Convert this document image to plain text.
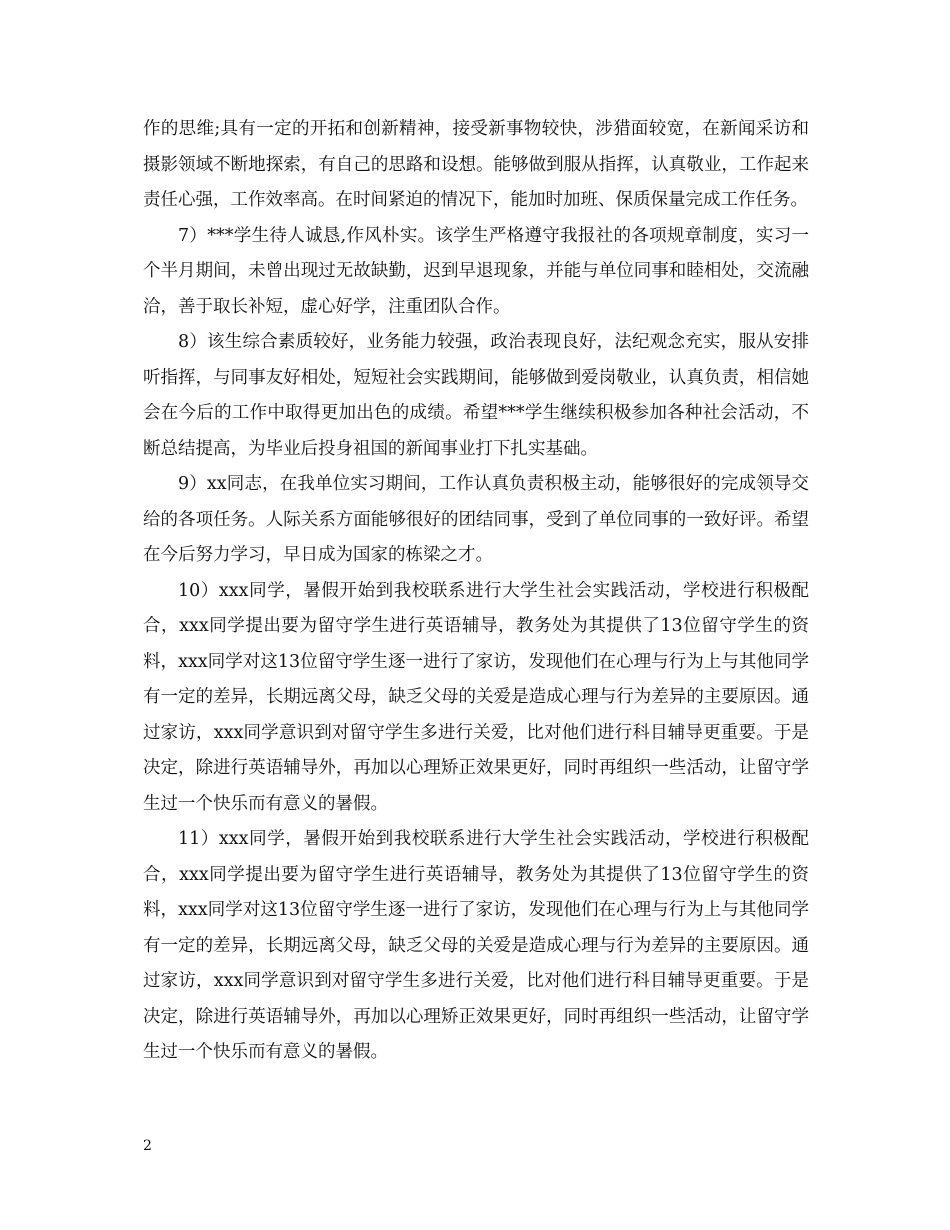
作的思维;具有一定的开拓和创新精神，接受新事物较快，涉猎面较宽，在新闻采访和摄影领域不断地探索，有自己的思路和设想。能够做到服从指挥，认真敬业，工作起来责任心强，工作效率高。在时间紧迫的情况下，能加时加班、保质保量完成工作任务。

7）***学生待人诚恳,作风朴实。该学生严格遵守我报社的各项规章制度，实习一个半月期间，未曾出现过无故缺勤，迟到早退现象，并能与单位同事和睦相处，交流融洽，善于取长补短，虚心好学，注重团队合作。

8）该生综合素质较好，业务能力较强，政治表现良好，法纪观念充实，服从安排听指挥，与同事友好相处，短短社会实践期间，能够做到爱岗敬业，认真负责，相信她会在今后的工作中取得更加出色的成绩。希望***学生继续积极参加各种社会活动，不断总结提高，为毕业后投身祖国的新闻事业打下扎实基础。

9）xx同志，在我单位实习期间，工作认真负责积极主动，能够很好的完成领导交给的各项任务。人际关系方面能够很好的团结同事，受到了单位同事的一致好评。希望在今后努力学习，早日成为国家的栋梁之才。

10）xxx同学，暑假开始到我校联系进行大学生社会实践活动，学校进行积极配合，xxx同学提出要为留守学生进行英语辅导，教务处为其提供了13位留守学生的资料，xxx同学对这13位留守学生逐一进行了家访，发现他们在心理与行为上与其他同学有一定的差异，长期远离父母，缺乏父母的关爱是造成心理与行为差异的主要原因。通过家访，xxx同学意识到对留守学生多进行关爱，比对他们进行科目辅导更重要。于是决定，除进行英语辅导外，再加以心理矫正效果更好，同时再组织一些活动，让留守学生过一个快乐而有意义的暑假。

11）xxx同学，暑假开始到我校联系进行大学生社会实践活动，学校进行积极配合，xxx同学提出要为留守学生进行英语辅导，教务处为其提供了13位留守学生的资料，xxx同学对这13位留守学生逐一进行了家访，发现他们在心理与行为上与其他同学有一定的差异，长期远离父母，缺乏父母的关爱是造成心理与行为差异的主要原因。通过家访，xxx同学意识到对留守学生多进行关爱，比对他们进行科目辅导更重要。于是决定，除进行英语辅导外，再加以心理矫正效果更好，同时再组织一些活动，让留守学生过一个快乐而有意义的暑假。

2
